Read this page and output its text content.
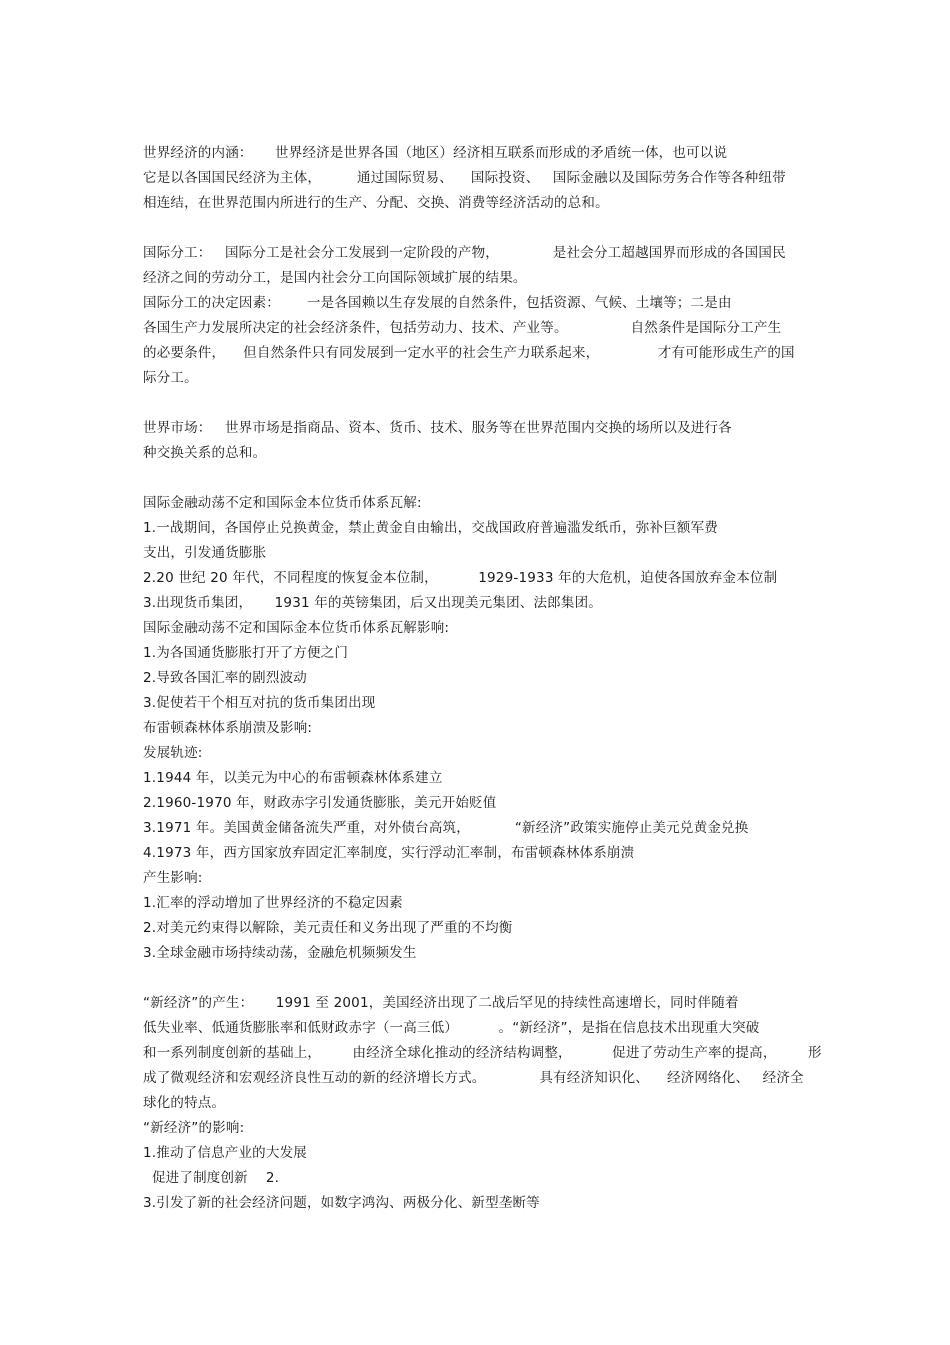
世界经济的内涵：     世界经济是世界各国（地区）经济相互联系而形成的矛盾统一体，也可以说
它是以各国国民经济为主体，        通过国际贸易、    国际投资、   国际金融以及国际劳务合作等各种纽带
相连结，在世界范围内所进行的生产、分配、交换、消费等经济活动的总和。
国际分工：   国际分工是社会分工发展到一定阶段的产物，            是社会分工超越国界而形成的各国国民
经济之间的劳动分工，是国内社会分工向国际领域扩展的结果。
国际分工的决定因素：      一是各国赖以生存发展的自然条件，包括资源、气候、土壤等；二是由
各国生产力发展所决定的社会经济条件，包括劳动力、技术、产业等。              自然条件是国际分工产生
的必要条件，    但自然条件只有同发展到一定水平的社会生产力联系起来，             才有可能形成生产的国
际分工。
世界市场：   世界市场是指商品、资本、货币、技术、服务等在世界范围内交换的场所以及进行各
种交换关系的总和。
国际金融动荡不定和国际金本位货币体系瓦解:
1.一战期间，各国停止兑换黄金，禁止黄金自由输出，交战国政府普遍滥发纸币，弥补巨额军费
支出，引发通货膨胀
2.20 世纪 20 年代，不同程度的恢复金本位制，         1929-1933 年的大危机，迫使各国放弃金本位制
3.出现货币集团，     1931 年的英镑集团，后又出现美元集团、法郎集团。
国际金融动荡不定和国际金本位货币体系瓦解影响:
1.为各国通货膨胀打开了方便之门
2.导致各国汇率的剧烈波动
3.促使若干个相互对抗的货币集团出现
布雷顿森林体系崩溃及影响:
发展轨迹:
1.1944 年，以美元为中心的布雷顿森林体系建立
2.1960-1970 年，财政赤字引发通货膨胀，美元开始贬值
3.1971 年。美国黄金储备流失严重，对外债台高筑，          “新经济”政策实施停止美元兑黄金兑换
4.1973 年，西方国家放弃固定汇率制度，实行浮动汇率制，布雷顿森林体系崩溃
产生影响:
1.汇率的浮动增加了世界经济的不稳定因素
2.对美元约束得以解除，美元责任和义务出现了严重的不均衡
3.全球金融市场持续动荡，金融危机频频发生
“新经济”的产生：     1991 至 2001，美国经济出现了二战后罕见的持续性高速增长，同时伴随着
低失业率、低通货膨胀率和低财政赤字（一高三低）         。“新经济”，是指在信息技术出现重大突破
和一系列制度创新的基础上，       由经济全球化推动的经济结构调整，         促进了劳动生产率的提高，       形
成了微观经济和宏观经济良性互动的新的经济增长方式。            具有经济知识化、    经济网络化、   经济全
球化的特点。
“新经济”的影响:
1.推动了信息产业的大发展
促进了制度创新    2.
3.引发了新的社会经济问题，如数字鸿沟、两极分化、新型垄断等
